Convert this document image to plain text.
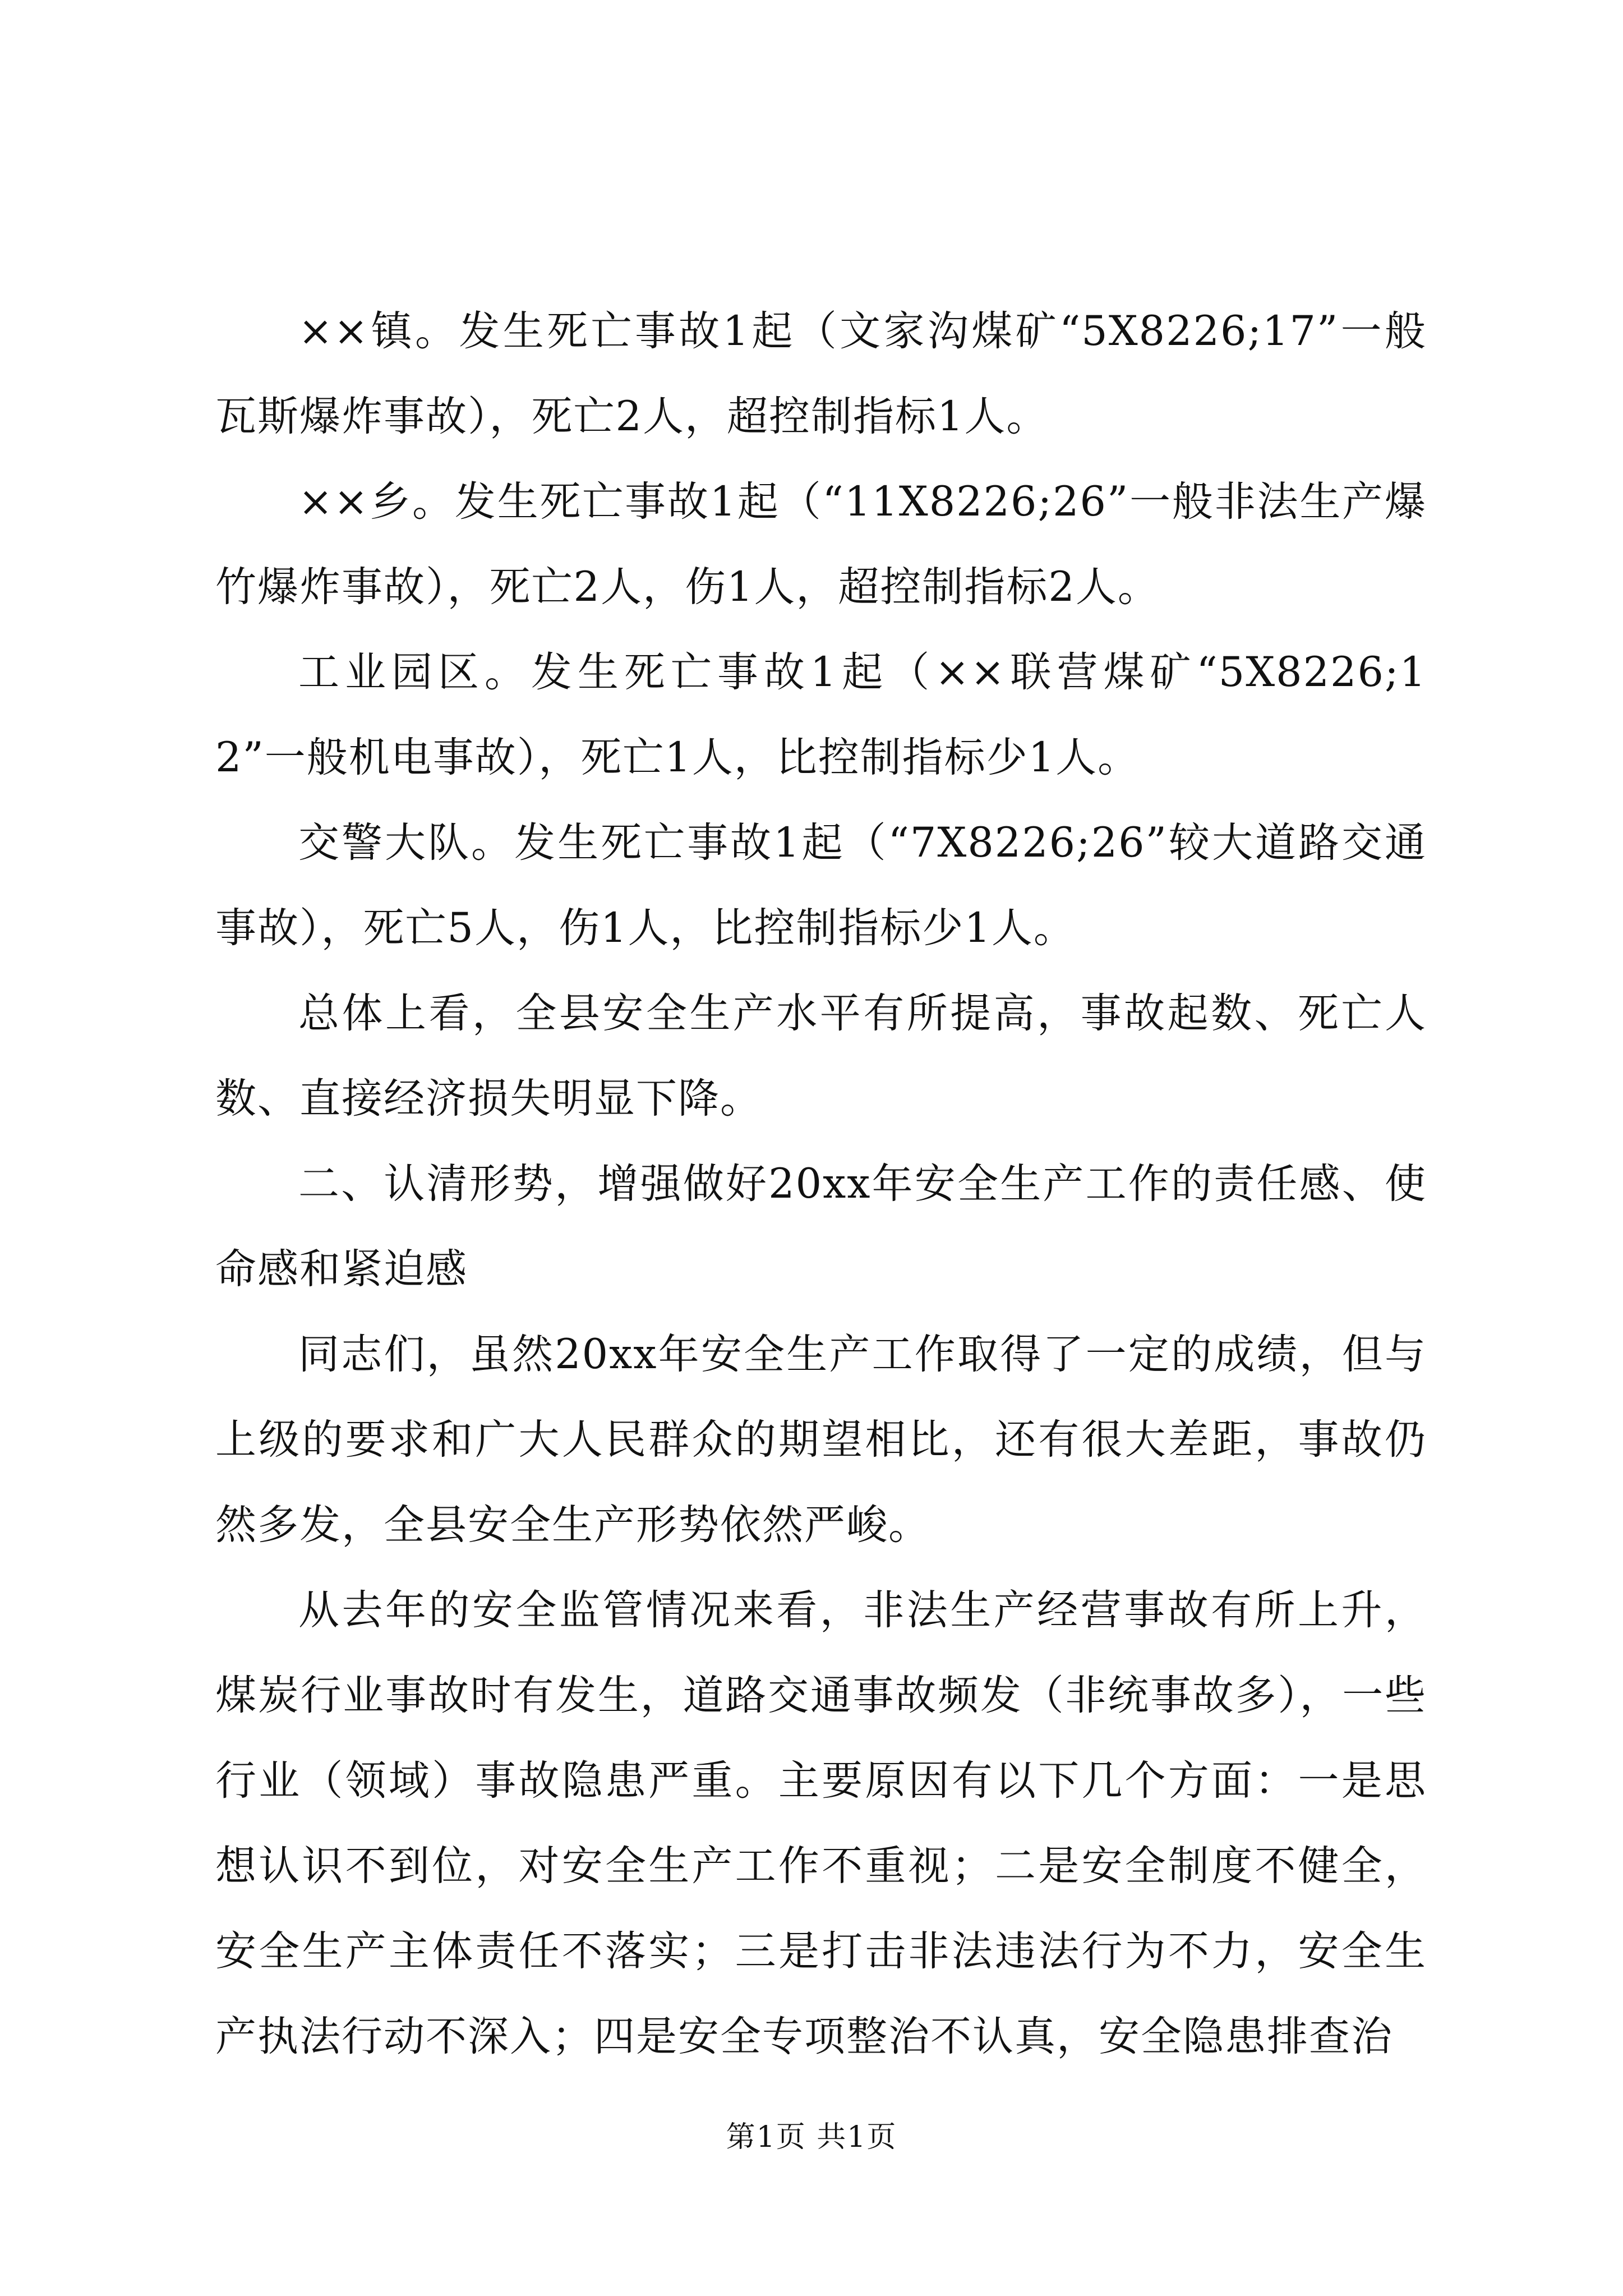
××镇。发生死亡事故1起（文家沟煤矿“5X8226;17”一般瓦斯爆炸事故），死亡2人，超控制指标1人。

××乡。发生死亡事故1起（“11X8226;26”一般非法生产爆竹爆炸事故），死亡2人，伤1人，超控制指标2人。

工业园区。发生死亡事故1起（××联营煤矿“5X8226;12”一般机电事故），死亡1人，比控制指标少1人。

交警大队。发生死亡事故1起（“7X8226;26”较大道路交通事故），死亡5人，伤1人，比控制指标少1人。

总体上看，全县安全生产水平有所提高，事故起数、死亡人数、直接经济损失明显下降。

二、认清形势，增强做好20xx年安全生产工作的责任感、使命感和紧迫感

同志们，虽然20xx年安全生产工作取得了一定的成绩，但与上级的要求和广大人民群众的期望相比，还有很大差距，事故仍然多发，全县安全生产形势依然严峻。

从去年的安全监管情况来看，非法生产经营事故有所上升，煤炭行业事故时有发生，道路交通事故频发（非统事故多），一些行业（领域）事故隐患严重。主要原因有以下几个方面：一是思想认识不到位，对安全生产工作不重视；二是安全制度不健全，安全生产主体责任不落实；三是打击非法违法行为不力，安全生产执法行动不深入；四是安全专项整治不认真，安全隐患排查治

第1页 共1页
